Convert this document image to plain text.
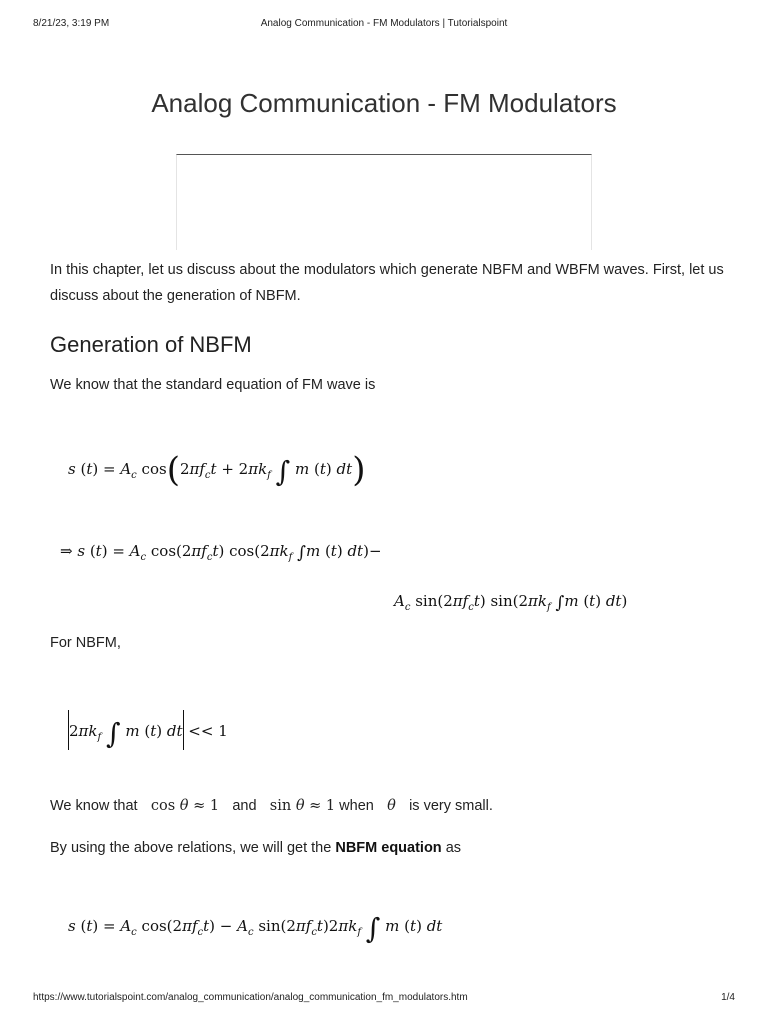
8/21/23, 3:19 PM	Analog Communication - FM Modulators | Tutorialspoint
Analog Communication - FM Modulators

In this chapter, let us discuss about the modulators which generate NBFM and WBFM waves. First, let us discuss about the generation of NBFM.

Generation of NBFM

We know that the standard equation of FM wave is

s $(t) = A_c$ $\cos(2\pi f_ct + 2\pi k_f$ ∫ m (t) dt)
⇒ s $(t) = A_c$ $\cos(2\pi f_ct)$ $\cos(2\pi k_f$ ∫m (t) dt)−
$A_c$ $\sin(2\pi f_ct)$ $\sin(2\pi k_f$ ∫m (t) dt)

For NBFM,

$2\pi k_f$ ∫ m (t) dt << 1

We know that   cos θ ≈ 1   and   sin θ ≈ 1 when θ is very small.

By using the above relations, we will get the NBFM equation as

s $(t) = A_c$ $\cos(2\pi f_ct) - A_c$ $\sin(2\pi f_ct)2\pi k_f$ ∫ m (t) dt
https://www.tutorialspoint.com/analog_communication/analog_communication_fm_modulators.htm	1/4
